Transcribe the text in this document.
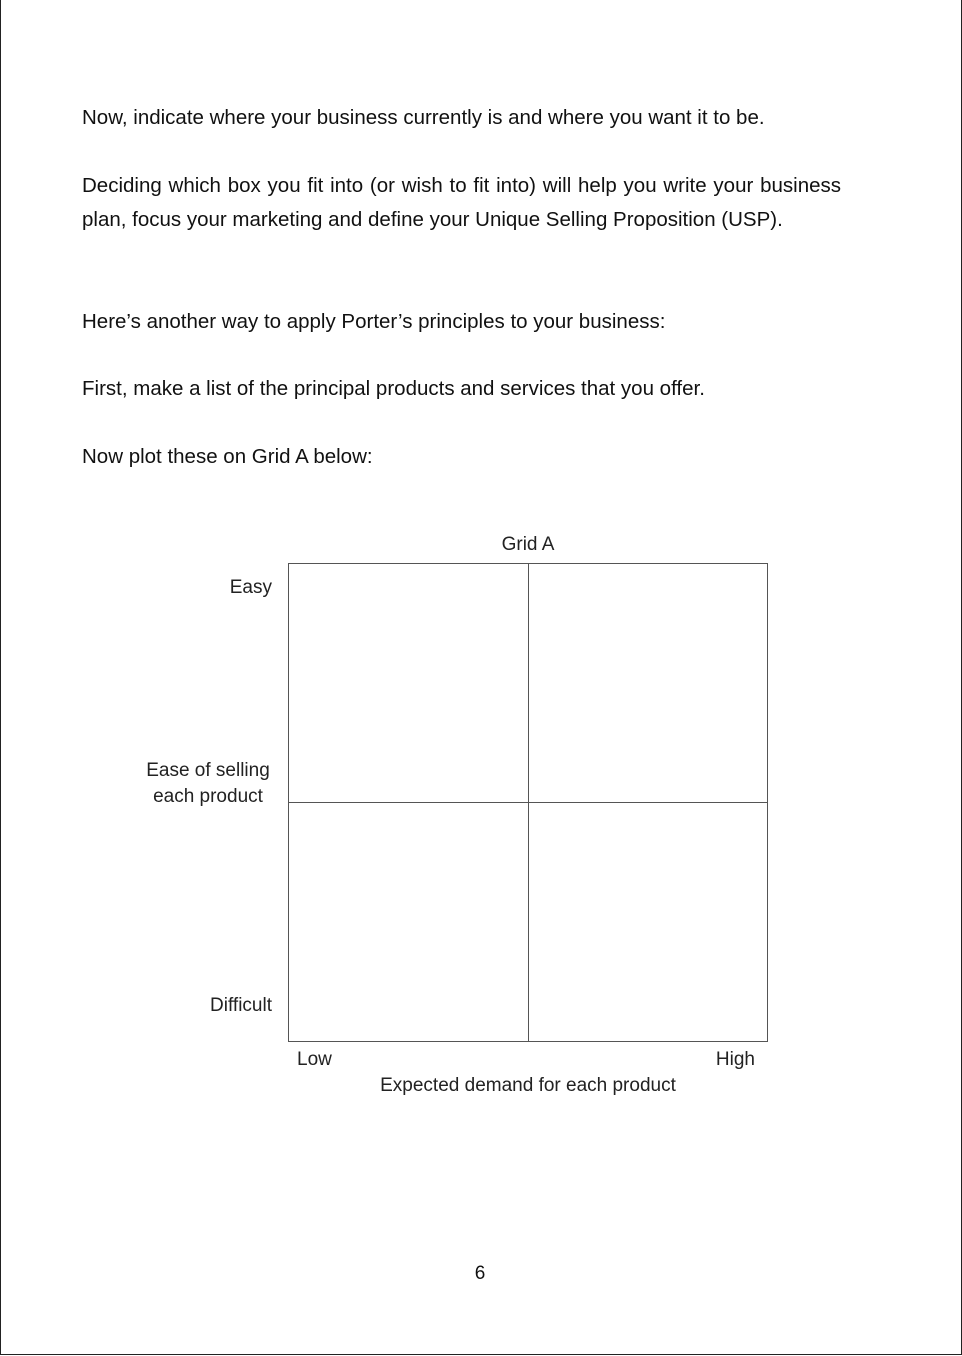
Now, indicate where your business currently is and where you want it to be.

Deciding which box you fit into (or wish to fit into) will help you write your business plan, focus your marketing and define your Unique Selling Proposition (USP).

Here’s another way to apply Porter’s principles to your business:

First, make a list of the principal products and services that you offer.

Now plot these on Grid A below:

Grid A
Easy
Ease of selling each product
Difficult
Low	High
Expected demand for each product
6
